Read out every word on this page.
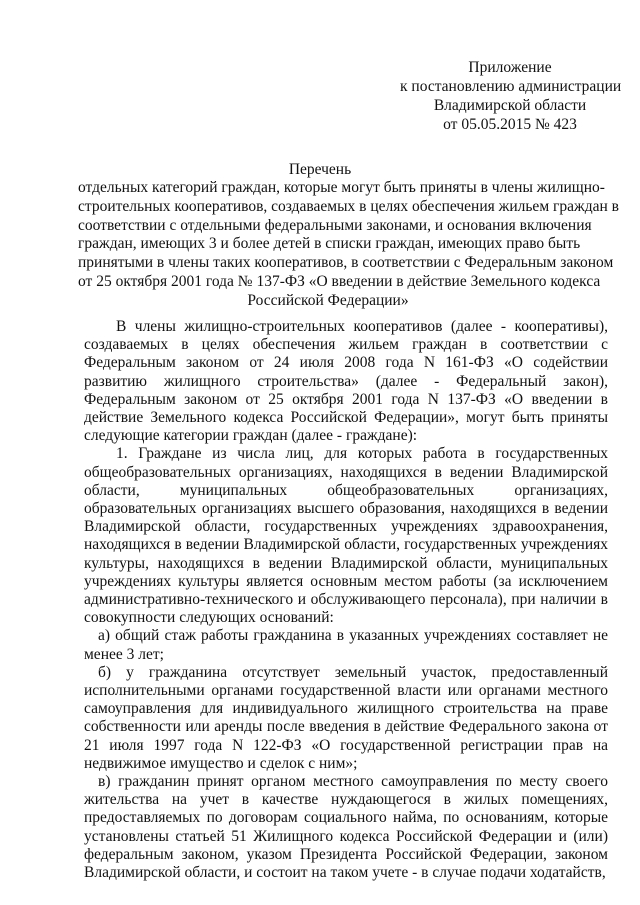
Приложение
к постановлению администрации
Владимирской области
от 05.05.2015 № 423
Перечень
отдельных категорий граждан, которые могут быть приняты в члены жилищно-
строительных кооперативов, создаваемых в целях обеспечения жильем граждан в
соответствии с отдельными федеральными законами, и основания включения
граждан, имеющих 3 и более детей в списки граждан, имеющих право быть
принятыми в члены таких кооперативов, в соответствии с Федеральным законом
от 25 октября 2001 года № 137-ФЗ «О введении в действие Земельного кодекса
Российской Федерации»
В члены жилищно-строительных кооперативов (далее - кооперативы), создаваемых в целях обеспечения жильем граждан в соответствии с Федеральным законом от 24 июля 2008 года N 161-ФЗ «О содействии развитию жилищного строительства» (далее - Федеральный закон), Федеральным законом от 25 октября 2001 года N 137-ФЗ «О введении в действие Земельного кодекса Российской Федерации», могут быть приняты следующие категории граждан (далее - граждане):
1. Граждане из числа лиц, для которых работа в государственных общеобразовательных организациях, находящихся в ведении Владимирской области, муниципальных общеобразовательных организациях, образовательных организациях высшего образования, находящихся в ведении Владимирской области, государственных учреждениях здравоохранения, находящихся в ведении Владимирской области, государственных учреждениях культуры, находящихся в ведении Владимирской области, муниципальных учреждениях культуры является основным местом работы (за исключением административно-технического и обслуживающего персонала), при наличии в совокупности следующих оснований:
а) общий стаж работы гражданина в указанных учреждениях составляет не менее 3 лет;
б) у гражданина отсутствует земельный участок, предоставленный исполнительными органами государственной власти или органами местного самоуправления для индивидуального жилищного строительства на праве собственности или аренды после введения в действие Федерального закона от 21 июля 1997 года N 122-ФЗ «О государственной регистрации прав на недвижимое имущество и сделок с ним»;
в) гражданин принят органом местного самоуправления по месту своего жительства на учет в качестве нуждающегося в жилых помещениях, предоставляемых по договорам социального найма, по основаниям, которые установлены статьей 51 Жилищного кодекса Российской Федерации и (или) федеральным законом, указом Президента Российской Федерации, законом Владимирской области, и состоит на таком учете - в случае подачи ходатайств,
